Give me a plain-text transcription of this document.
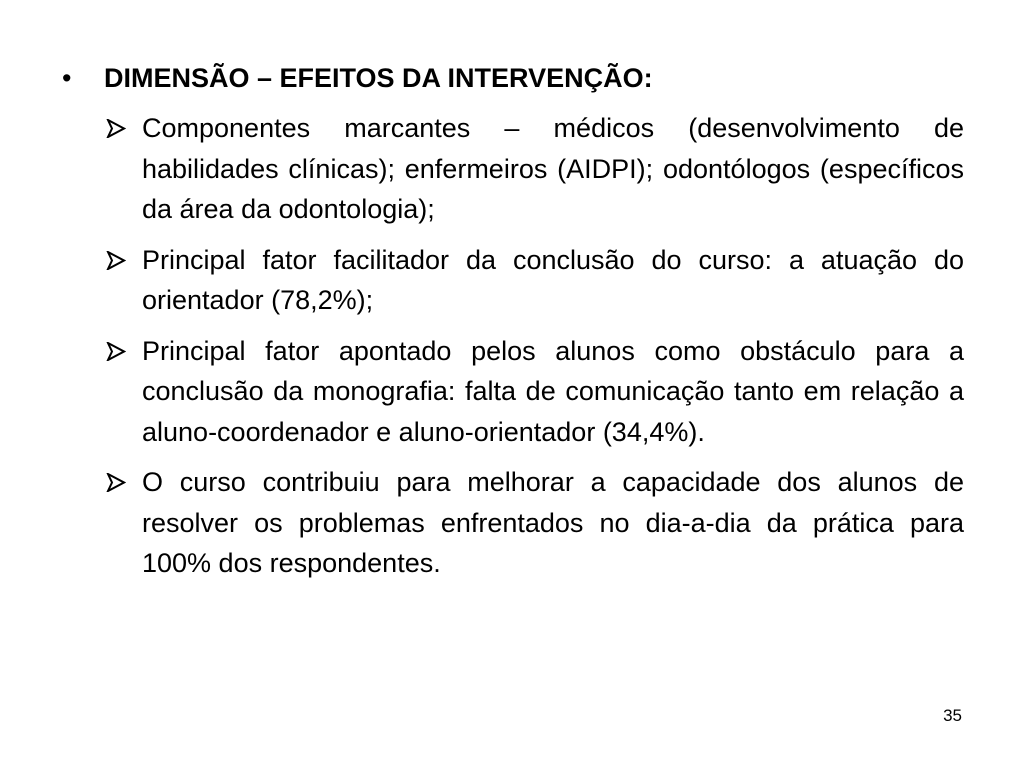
•	DIMENSÃO – EFEITOS DA INTERVENÇÃO:
Componentes marcantes – médicos (desenvolvimento de habilidades clínicas); enfermeiros (AIDPI); odontólogos (específicos da área da odontologia);
Principal fator facilitador da conclusão do curso: a atuação do orientador (78,2%);
Principal fator apontado pelos alunos como obstáculo para a conclusão da monografia: falta de comunicação tanto em relação a aluno-coordenador e aluno-orientador (34,4%).
O curso contribuiu para melhorar a capacidade dos alunos de resolver os problemas enfrentados no dia-a-dia da prática para 100% dos respondentes.
35
